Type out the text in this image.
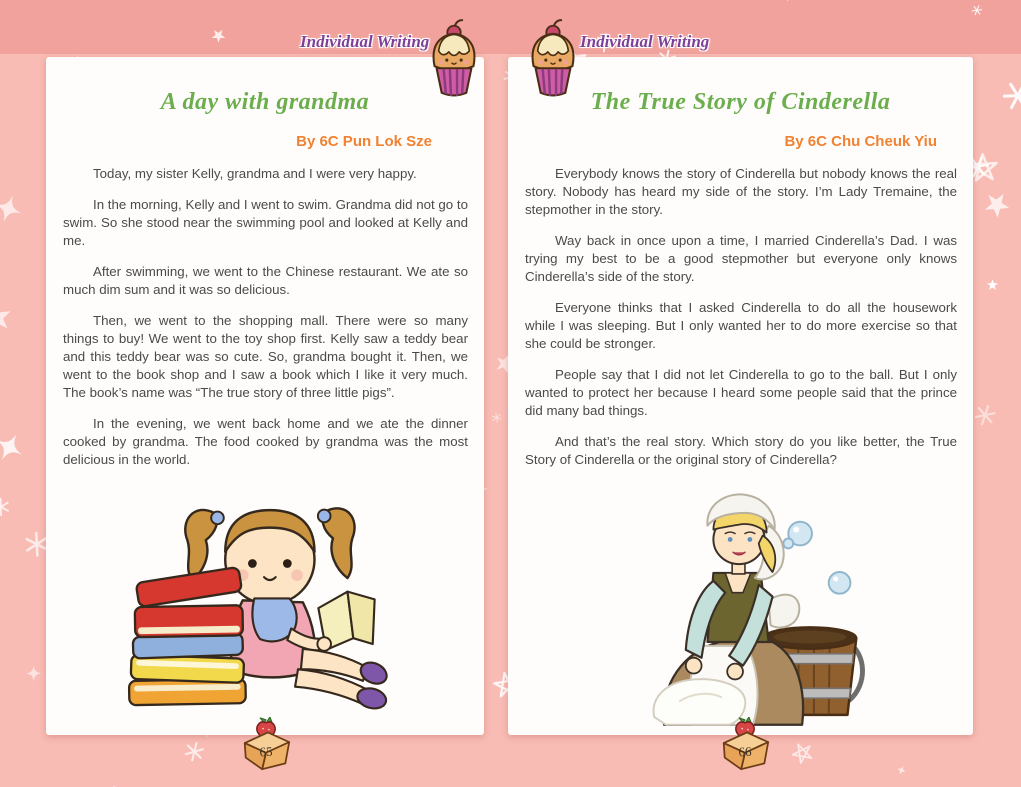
A day with grandma
By 6C Pun Lok Sze

Today, my sister Kelly, grandma and I were very happy.

In the morning, Kelly and I went to swim. Grandma did not go to swim. So she stood near the swimming pool and looked at Kelly and me.

After swimming, we went to the Chinese restaurant. We ate so much dim sum and it was so delicious.

Then, we went to the shopping mall. There were so many things to buy! We went to the toy shop first. Kelly saw a teddy bear and this teddy bear was so cute. So, grandma bought it. Then, we went to the book shop and I saw a book which I like it very much. The book’s name was “The true story of three little pigs”.

In the evening, we went back home and we ate the dinner cooked by grandma. The food cooked by grandma was the most delicious in the world.

The True Story of Cinderella
By 6C Chu Cheuk Yiu

Everybody knows the story of Cinderella but nobody knows the real story. Nobody has heard my side of the story. I’m Lady Tremaine, the stepmother in the story.

Way back in once upon a time, I married Cinderella’s Dad. I was trying my best to be a good stepmother but everyone only knows Cinderella’s side of the story.

Everyone thinks that I asked Cinderella to do all the housework while I was sleeping. But I only wanted her to do more exercise so that she could be stronger.

People say that I did not let Cinderella to go to the ball. But I only wanted to protect her because I heard some people said that the prince did many bad things.

And that’s the real story. Which story do you like better, the True Story of Cinderella or the original story of Cinderella?

Individual Writing	Individual Writing
65	66
